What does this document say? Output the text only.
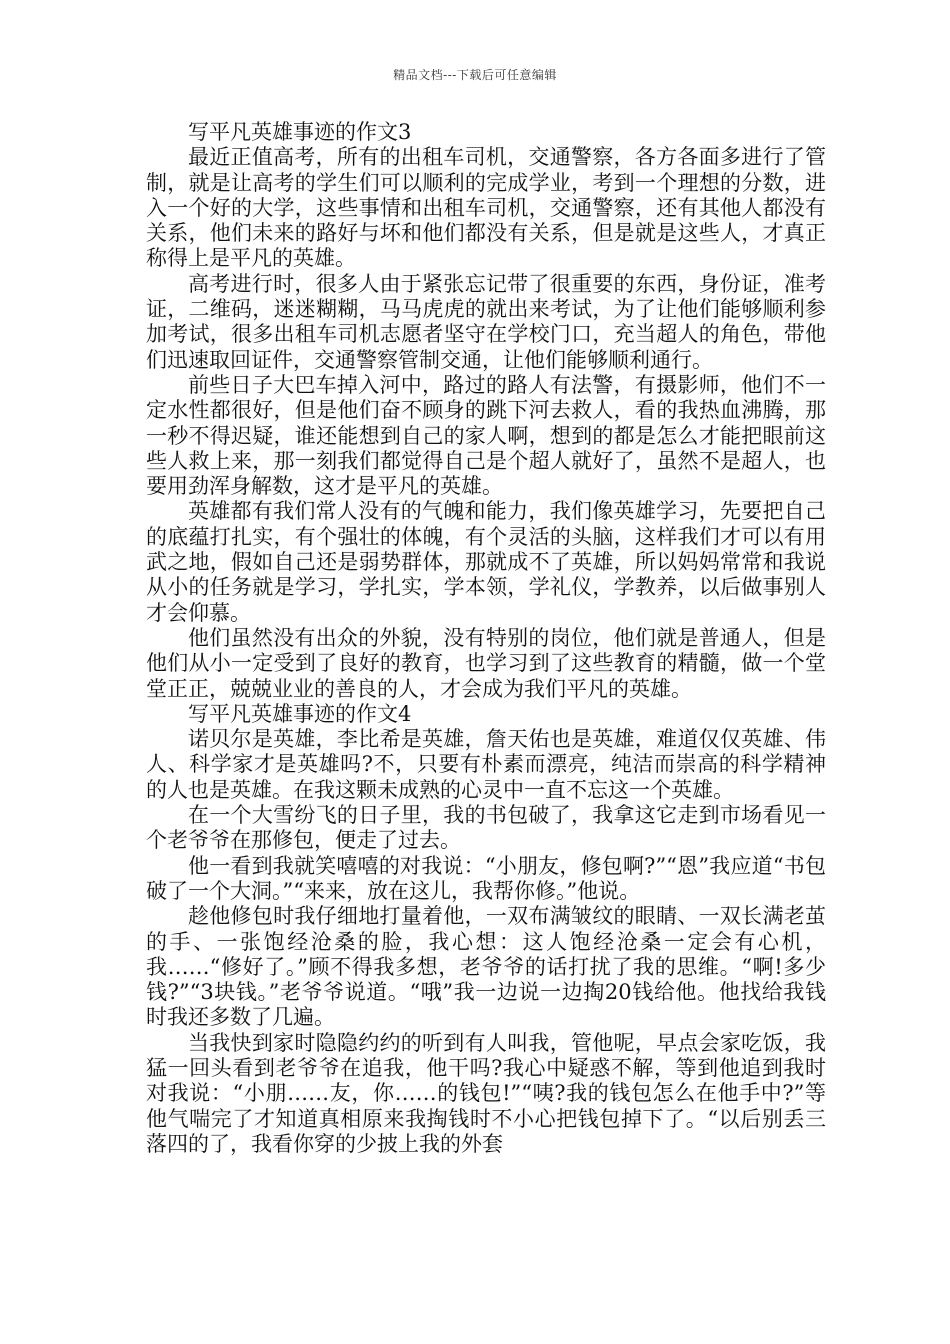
精品文档---下载后可任意编辑

写平凡英雄事迹的作文3

最近正值高考，所有的出租车司机，交通警察，各方各面多进行了管制，就是让高考的学生们可以顺利的完成学业，考到一个理想的分数，进入一个好的大学，这些事情和出租车司机，交通警察，还有其他人都没有关系，他们未来的路好与坏和他们都没有关系，但是就是这些人，才真正称得上是平凡的英雄。

高考进行时，很多人由于紧张忘记带了很重要的东西，身份证，准考证，二维码，迷迷糊糊，马马虎虎的就出来考试，为了让他们能够顺利参加考试，很多出租车司机志愿者坚守在学校门口，充当超人的角色，带他们迅速取回证件，交通警察管制交通，让他们能够顺利通行。

前些日子大巴车掉入河中，路过的路人有法警，有摄影师，他们不一定水性都很好，但是他们奋不顾身的跳下河去救人，看的我热血沸腾，那一秒不得迟疑，谁还能想到自己的家人啊，想到的都是怎么才能把眼前这些人救上来，那一刻我们都觉得自己是个超人就好了，虽然不是超人，也要用劲浑身解数，这才是平凡的英雄。

英雄都有我们常人没有的气魄和能力，我们像英雄学习，先要把自己的底蕴打扎实，有个强壮的体魄，有个灵活的头脑，这样我们才可以有用武之地，假如自己还是弱势群体，那就成不了英雄，所以妈妈常常和我说从小的任务就是学习，学扎实，学本领，学礼仪，学教养，以后做事别人才会仰慕。

他们虽然没有出众的外貌，没有特别的岗位，他们就是普通人，但是他们从小一定受到了良好的教育，也学习到了这些教育的精髓，做一个堂堂正正，兢兢业业的善良的人，才会成为我们平凡的英雄。

写平凡英雄事迹的作文4

诺贝尔是英雄，李比希是英雄，詹天佑也是英雄，难道仅仅英雄、伟人、科学家才是英雄吗?不，只要有朴素而漂亮，纯洁而崇高的科学精神的人也是英雄。在我这颗未成熟的心灵中一直不忘这一个英雄。

在一个大雪纷飞的日子里，我的书包破了，我拿这它走到市场看见一个老爷爷在那修包，便走了过去。

他一看到我就笑嘻嘻的对我说：“小朋友，修包啊?”“恩”我应道“书包破了一个大洞。”“来来，放在这儿，我帮你修。”他说。

趁他修包时我仔细地打量着他，一双布满皱纹的眼睛、一双长满老茧的手、一张饱经沧桑的脸，我心想：这人饱经沧桑一定会有心机，我……“修好了。”顾不得我多想，老爷爷的话打扰了我的思维。“啊!多少钱?”“3块钱。”老爷爷说道。“哦”我一边说一边掏20钱给他。他找给我钱时我还多数了几遍。

当我快到家时隐隐约约的听到有人叫我，管他呢，早点会家吃饭，我猛一回头看到老爷爷在追我，他干吗?我心中疑惑不解，等到他追到我时对我说：“小朋……友，你……的钱包!”“咦?我的钱包怎么在他手中?”等他气喘完了才知道真相原来我掏钱时不小心把钱包掉下了。“以后别丢三落四的了，我看你穿的少披上我的外套
